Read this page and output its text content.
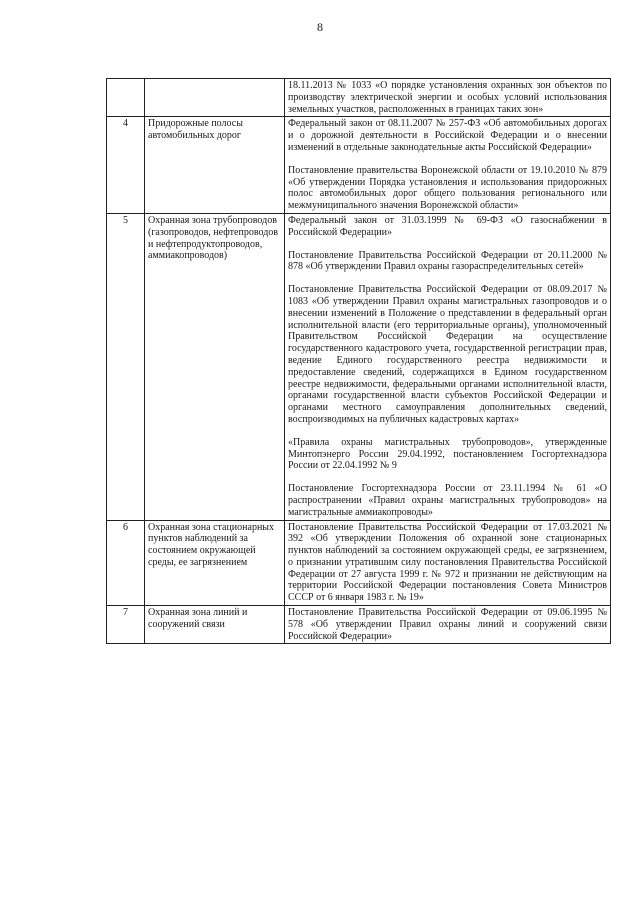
8

		18.11.2013 № 1033 «О порядке установления охранных зон объектов по производству электрической энергии и особых условий использования земельных участков, расположенных в границах таких зон»

4	Придорожные полосы автомобильных дорог	Федеральный закон от 08.11.2007 № 257-ФЗ «Об автомобильных дорогах и о дорожной деятельности в Российской Федерации и о внесении изменений в отдельные законодательные акты Российской Федерации»

Постановление правительства Воронежской области от 19.10.2010 № 879 «Об утверждении Порядка установления и использования придорожных полос автомобильных дорог общего пользования регионального или межмуниципального значения Воронежской области»

5	Охранная зона трубопроводов (газопроводов, нефтепроводов и нефтепродуктопроводов, аммиакопроводов)	Федеральный закон от 31.03.1999 № 69-ФЗ «О газоснабжении в Российской Федерации»

Постановление Правительства Российской Федерации от 20.11.2000 № 878 «Об утверждении Правил охраны газораспределительных сетей»

Постановление Правительства Российской Федерации от 08.09.2017 № 1083 «Об утверждении Правил охраны магистральных газопроводов и о внесении изменений в Положение о представлении в федеральный орган исполнительной власти (его территориальные органы), уполномоченный Правительством Российской Федерации на осуществление государственного кадастрового учета, государственной регистрации прав, ведение Единого государственного реестра недвижимости и предоставление сведений, содержащихся в Едином государственном реестре недвижимости, федеральными органами исполнительной власти, органами государственной власти субъектов Российской Федерации и органами местного самоуправления дополнительных сведений, воспроизводимых на публичных кадастровых картах»

«Правила охраны магистральных трубопроводов», утвержденные Минтопэнерго России 29.04.1992, постановлением Госгортехнадзора России от 22.04.1992 № 9

Постановление Госгортехнадзора России от 23.11.1994 № 61 «О распространении «Правил охраны магистральных трубопроводов» на магистральные аммиакопроводы»

6	Охранная зона стационарных пунктов наблюдений за состоянием окружающей среды, ее загрязнением	Постановление Правительства Российской Федерации от 17.03.2021 № 392 «Об утверждении Положения об охранной зоне стационарных пунктов наблюдений за состоянием окружающей среды, ее загрязнением, о признании утратившим силу постановления Правительства Российской Федерации от 27 августа 1999 г. № 972 и признании не действующим на территории Российской Федерации постановления Совета Министров СССР от 6 января 1983 г. № 19»

7	Охранная зона линий и сооружений связи	Постановление Правительства Российской Федерации от 09.06.1995 № 578 «Об утверждении Правил охраны линий и сооружений связи Российской Федерации»
